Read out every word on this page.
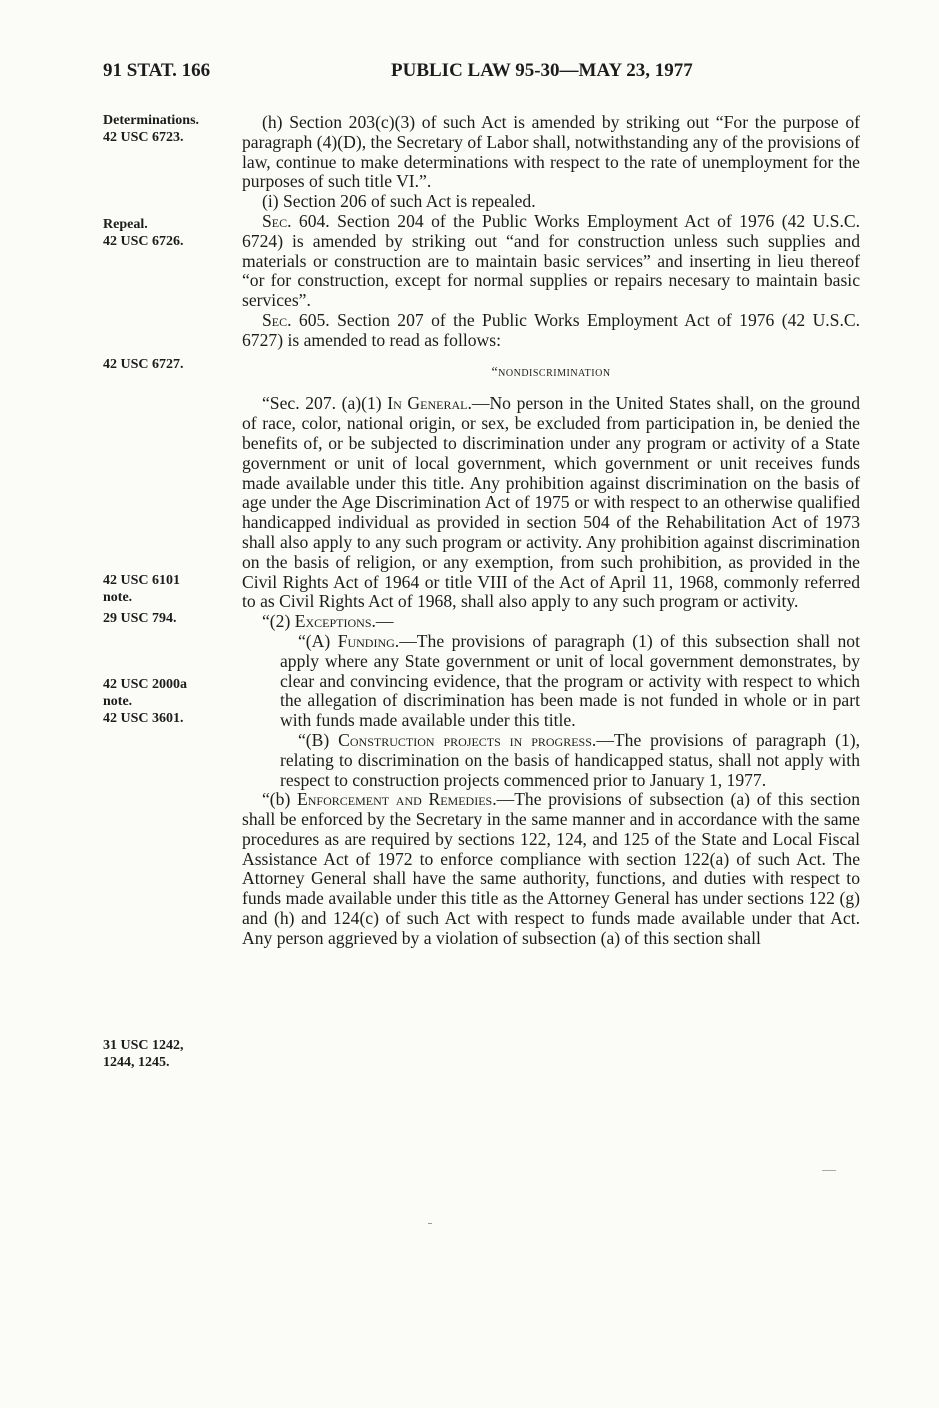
91 STAT. 166	PUBLIC LAW 95-30—MAY 23, 1977
Determinations.
42 USC 6723.
Repeal.
42 USC 6726.
42 USC 6727.
42 USC 6101
note.
29 USC 794.
42 USC 2000a
note.
42 USC 3601.
31 USC 1242,
1244, 1245.

(h) Section 203(c)(3) of such Act is amended by striking out “For the purpose of paragraph (4)(D), the Secretary of Labor shall, notwithstanding any of the provisions of law, continue to make determinations with respect to the rate of unemployment for the purposes of such title VI.”.

(i) Section 206 of such Act is repealed.

Sec. 604. Section 204 of the Public Works Employment Act of 1976 (42 U.S.C. 6724) is amended by striking out “and for construction unless such supplies and materials or construction are to maintain basic services” and inserting in lieu thereof “or for construction, except for normal supplies or repairs necesary to maintain basic services”.

Sec. 605. Section 207 of the Public Works Employment Act of 1976 (42 U.S.C. 6727) is amended to read as follows:

“nondiscrimination

“Sec. 207. (a)(1) In General.—No person in the United States shall, on the ground of race, color, national origin, or sex, be excluded from participation in, be denied the benefits of, or be subjected to discrimination under any program or activity of a State government or unit of local government, which government or unit receives funds made available under this title. Any prohibition against discrimination on the basis of age under the Age Discrimination Act of 1975 or with respect to an otherwise qualified handicapped individual as provided in section 504 of the Rehabilitation Act of 1973 shall also apply to any such program or activity. Any prohibition against discrimination on the basis of religion, or any exemption, from such prohibition, as provided in the Civil Rights Act of 1964 or title VIII of the Act of April 11, 1968, commonly referred to as Civil Rights Act of 1968, shall also apply to any such program or activity.

“(2) Exceptions.—

“(A) Funding.—The provisions of paragraph (1) of this subsection shall not apply where any State government or unit of local government demonstrates, by clear and convincing evidence, that the program or activity with respect to which the allegation of discrimination has been made is not funded in whole or in part with funds made available under this title.

“(B) Construction projects in progress.—The provisions of paragraph (1), relating to discrimination on the basis of handicapped status, shall not apply with respect to construction projects commenced prior to January 1, 1977.

“(b) Enforcement and Remedies.—The provisions of subsection (a) of this section shall be enforced by the Secretary in the same manner and in accordance with the same procedures as are required by sections 122, 124, and 125 of the State and Local Fiscal Assistance Act of 1972 to enforce compliance with section 122(a) of such Act. The Attorney General shall have the same authority, functions, and duties with respect to funds made available under this title as the Attorney General has under sections 122 (g) and (h) and 124(c) of such Act with respect to funds made available under that Act. Any person aggrieved by a violation of subsection (a) of this section shall
